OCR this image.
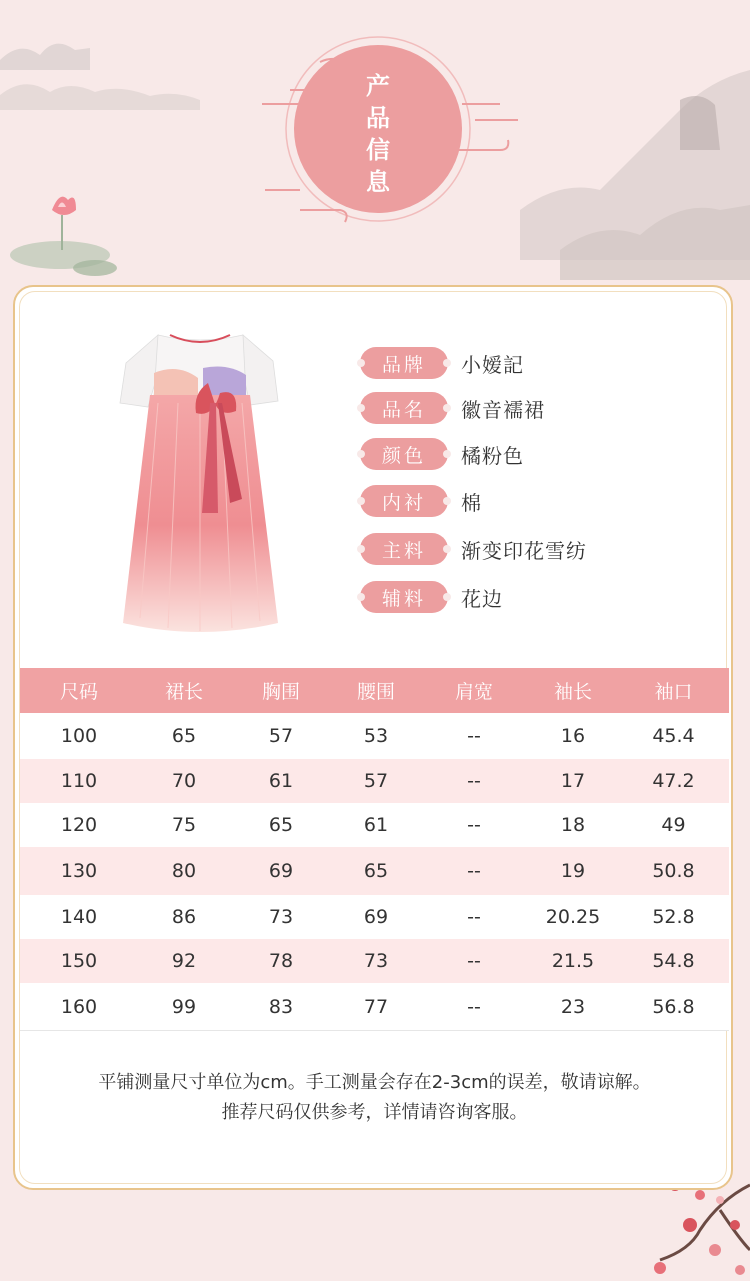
产
品
信
息
品牌	小嫒記
品名	徽音襦裙
颜色	橘粉色
内衬	棉
主料	渐变印花雪纺
辅料	花边
尺码	裙长	胸围	腰围	肩宽	袖长	袖口
100	65	57	53	--	16	45.4
110	70	61	57	--	17	47.2
120	75	65	61	--	18	49
130	80	69	65	--	19	50.8
140	86	73	69	--	20.25	52.8
150	92	78	73	--	21.5	54.8
160	99	83	77	--	23	56.8
平铺测量尺寸单位为cm。手工测量会存在2-3cm的误差，敬请谅解。
推荐尺码仅供参考，详情请咨询客服。
